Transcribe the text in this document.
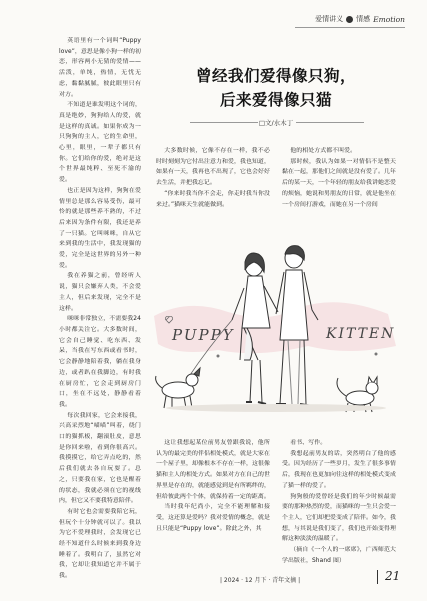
爱情讲义 情感 Emotion

英语里有一个词叫“Puppy love”，意思是像小狗一样的初恋，形容两小无猜的爱情——活泼，单纯，热情，无忧无虑，黏黏腻腻，彼此眼里只有对方。

不知道是谁发明这个词的，真是绝妙，狗狗给人的爱，就是这样的真诚。如果你成为一只狗狗的主人，它的生命里，心里，眼里，一辈子都只有你。它们给你的爱，绝对是这个世界最纯粹、至死不渝的爱。

也正是因为这样，狗狗在爱情里总是那么容易受伤，最可怜的就是那些养不熟的，不过后来因为条件有限，我还是养了一只猫。它叫咪咪，自从它来到我的生活中，我发现猫的爱，完全是这世界的另外一种爱。

我在养猫之前，曾经听人说，猫只会嫌弃人类，不会爱主人，但后来发现，完全不是这样。

咪咪非常独立，不需要我24小时都关注它。大多数时间，它会自己睡觉、吃东西、发呆，当我在写东西或看书时，它会静静地陪着我，躺在我身边，或者趴在我脚边，有时我在厨房忙，它会走到厨房门口，坐在不远处，静静看着我。

每次我回家，它会来接我，兴高采烈地“喵喵”叫着，绕门口的猫抓板，翻滚肚皮，意思是你回来啦，看到你很高兴。我摸摸它，给它弄点吃的，然后我们就去各自玩耍了。总之，只要我在家，它也是醒着的状态，我就必须在它的视线内，但它又不要我特意陪伴。

有时它也会需要我陪它玩，但玩个十分钟就可以了。我以为它不爱理我时，会发现它已经不知道什么时候来到我身边睡着了。我明白了，虽然它对我，它却让我知道它并不属于我。

曾经我们爱得像只狗，
后来爱得像只猫
□文/水木丁

大多数时候，它像不存在一样，我不必时时刻刻为它付出注意力和爱，我也知道，如果有一天，我再也不出现了，它也会好好去生活，并把我忘记。

“你来时我当你不会走，你走时我当你没来过。”猫咪天生就能做到。

他的相处方式都不叫爱。

那时候，我认为如果一对情侣不是整天黏在一起，那他们之间就是没有爱了。几年后的某一天，一个年轻的朋友给我讲她恋爱的烦恼，她说和男朋友的日常，就是他坐在一个房间打游戏，而她在另一个房间

PUPPY	KITTEN

这让我想起某位前男友曾跟我说，他所认为的最完美的伴侣相处模式，就是大家在一个屋子里，却像根本不存在一样，这很像猫和主人的相处方式。如果对方在自己的世界里是存在的，就能感觉到是有所羁绊的，但给彼此两个个体，就保持着一定的距离。

当时我年纪尚小，完全不能理解和接受，这还算是爱吗？我对爱情的概念，就是且只能是“Puppy love”。除此之外，其

看书、写作。

我想起前男友的话，突然明白了他的感受。因为经历了一些岁月，发生了很多事情后，我现在也更加向往这样的相处模式变成了猫一样的爱了。

狗狗般的爱曾经是我们的年少时候最需要的那种热烈的爱，而猫咪的一生只会爱一个主人，它们却把爱变成了陪伴。如今，我想，与其说是我们变了，我们也开始变得理解这种淡淡的温暖了。

（摘自《一个人的一席席》，广西师范大学出版社，Shand 图）

| 2024 · 12 月下 · 青年文摘 |	21
